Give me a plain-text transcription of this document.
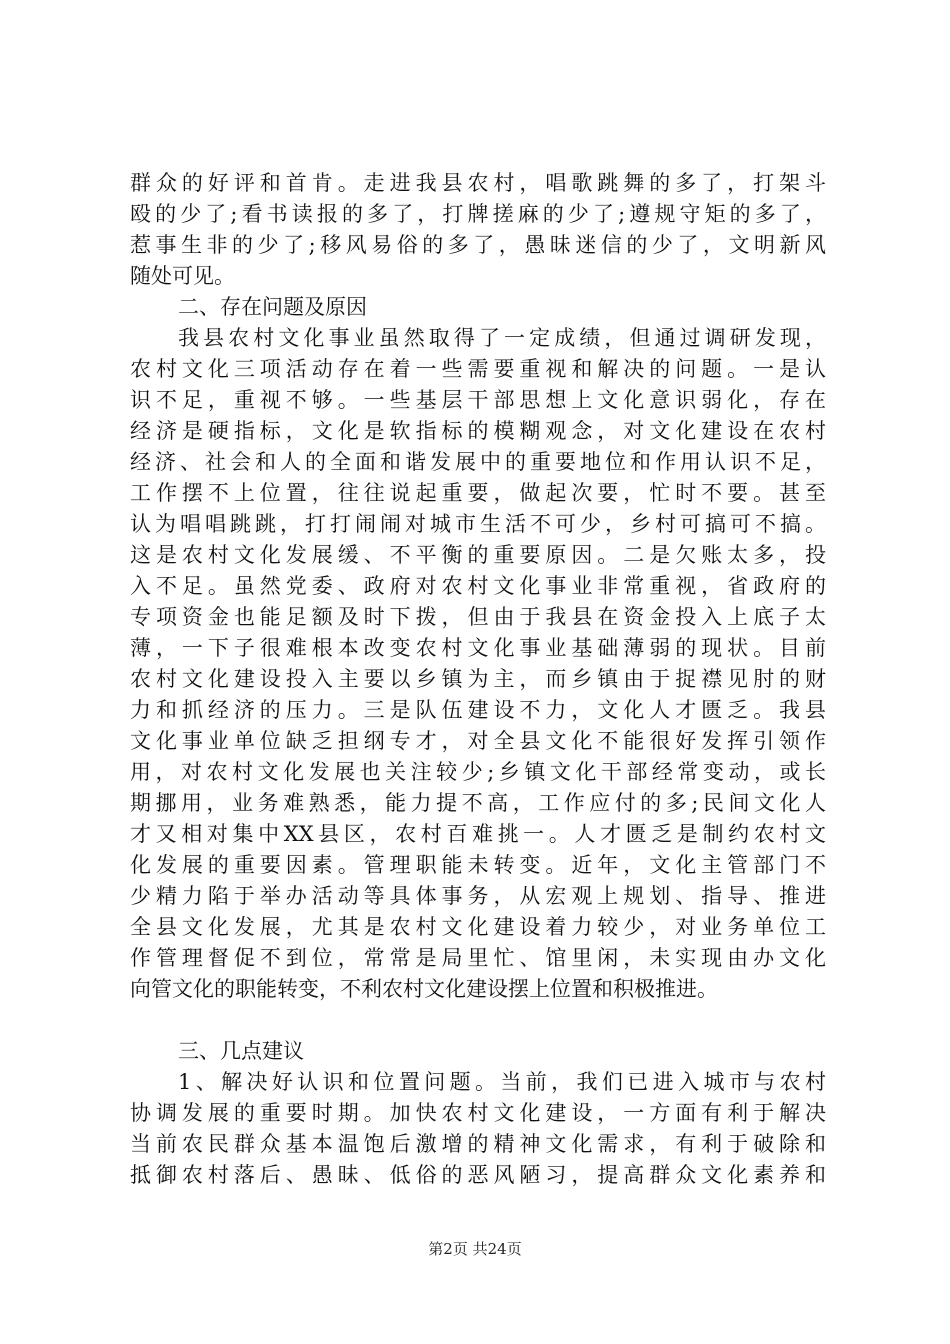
群众的好评和首肯。走进我县农村，唱歌跳舞的多了，打架斗
殴的少了;看书读报的多了，打牌搓麻的少了;遵规守矩的多了，
惹事生非的少了;移风易俗的多了，愚昧迷信的少了，文明新风
随处可见。
二、存在问题及原因
我县农村文化事业虽然取得了一定成绩，但通过调研发现，
农村文化三项活动存在着一些需要重视和解决的问题。一是认
识不足，重视不够。一些基层干部思想上文化意识弱化，存在
经济是硬指标，文化是软指标的模糊观念，对文化建设在农村
经济、社会和人的全面和谐发展中的重要地位和作用认识不足，
工作摆不上位置，往往说起重要，做起次要，忙时不要。甚至
认为唱唱跳跳，打打闹闹对城市生活不可少，乡村可搞可不搞。
这是农村文化发展缓、不平衡的重要原因。二是欠账太多，投
入不足。虽然党委、政府对农村文化事业非常重视，省政府的
专项资金也能足额及时下拨，但由于我县在资金投入上底子太
薄，一下子很难根本改变农村文化事业基础薄弱的现状。目前
农村文化建设投入主要以乡镇为主，而乡镇由于捉襟见肘的财
力和抓经济的压力。三是队伍建设不力，文化人才匮乏。我县
文化事业单位缺乏担纲专才，对全县文化不能很好发挥引领作
用，对农村文化发展也关注较少;乡镇文化干部经常变动，或长
期挪用，业务难熟悉，能力提不高，工作应付的多;民间文化人
才又相对集中XX县区，农村百难挑一。人才匮乏是制约农村文
化发展的重要因素。管理职能未转变。近年，文化主管部门不
少精力陷于举办活动等具体事务，从宏观上规划、指导、推进
全县文化发展，尤其是农村文化建设着力较少，对业务单位工
作管理督促不到位，常常是局里忙、馆里闲，未实现由办文化
向管文化的职能转变，不利农村文化建设摆上位置和积极推进。
三、几点建议
1、解决好认识和位置问题。当前，我们已进入城市与农村
协调发展的重要时期。加快农村文化建设，一方面有利于解决
当前农民群众基本温饱后激增的精神文化需求，有利于破除和
抵御农村落后、愚昧、低俗的恶风陋习，提高群众文化素养和
第2页 共24页
